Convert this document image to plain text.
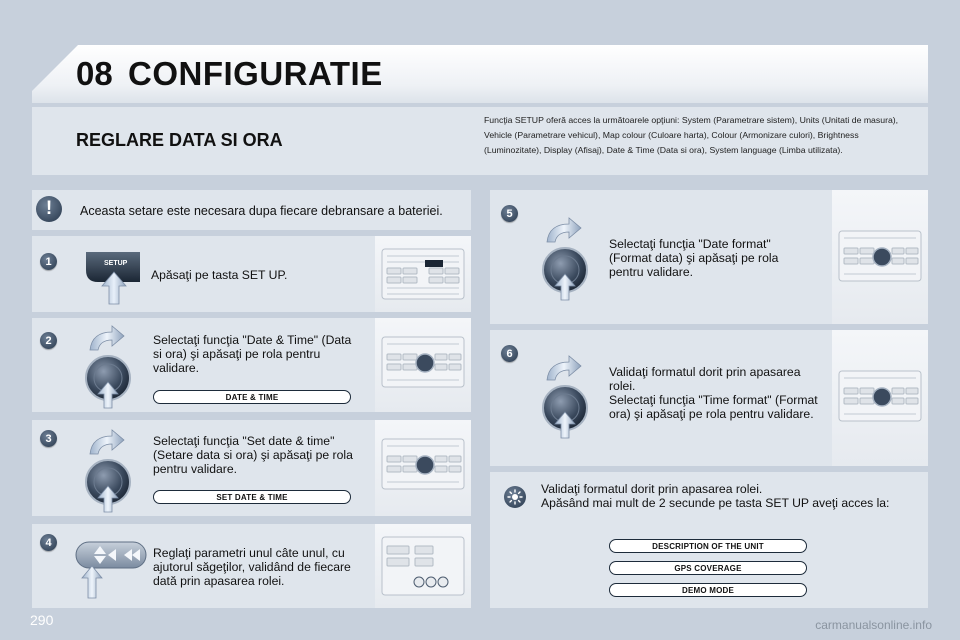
08 CONFIGURATIE
REGLARE DATA SI ORA
Funcţia SETUP oferă acces la următoarele opţiuni: System (Parametrare sistem), Units (Unitati de masura), Vehicle (Parametrare vehicul), Map colour (Culoare harta), Colour (Armonizare culori), Brightness (Luminozitate), Display (Afisaj), Date & Time (Data si ora), System language (Limba utilizata).
!	Aceasta setare este necesara dupa fiecare debransare a bateriei.
1	SETUP
Apăsaţi pe tasta SET UP.
2	Selectaţi funcţia "Date & Time" (Data si ora) şi apăsaţi pe rola pentru validare.
DATE & TIME
3	Selectaţi funcţia "Set date & time" (Setare data si ora) şi apăsaţi pe rola pentru validare.
SET DATE & TIME
4
Reglaţi parametri unul câte unul, cu ajutorul săgeţilor, validând de fiecare dată prin apasarea rolei.
5
Selectaţi funcţia "Date format" (Format data) şi apăsaţi pe rola pentru validare.
6
Validaţi formatul dorit prin apasarea rolei.
Selectaţi funcţia "Time format" (Format ora) şi apăsaţi pe rola pentru validare.
Validaţi formatul dorit prin apasarea rolei.
Apăsând mai mult de 2 secunde pe tasta SET UP aveţi acces la:
DESCRIPTION OF THE UNIT
GPS COVERAGE
DEMO MODE
290	carmanualsonline.info
